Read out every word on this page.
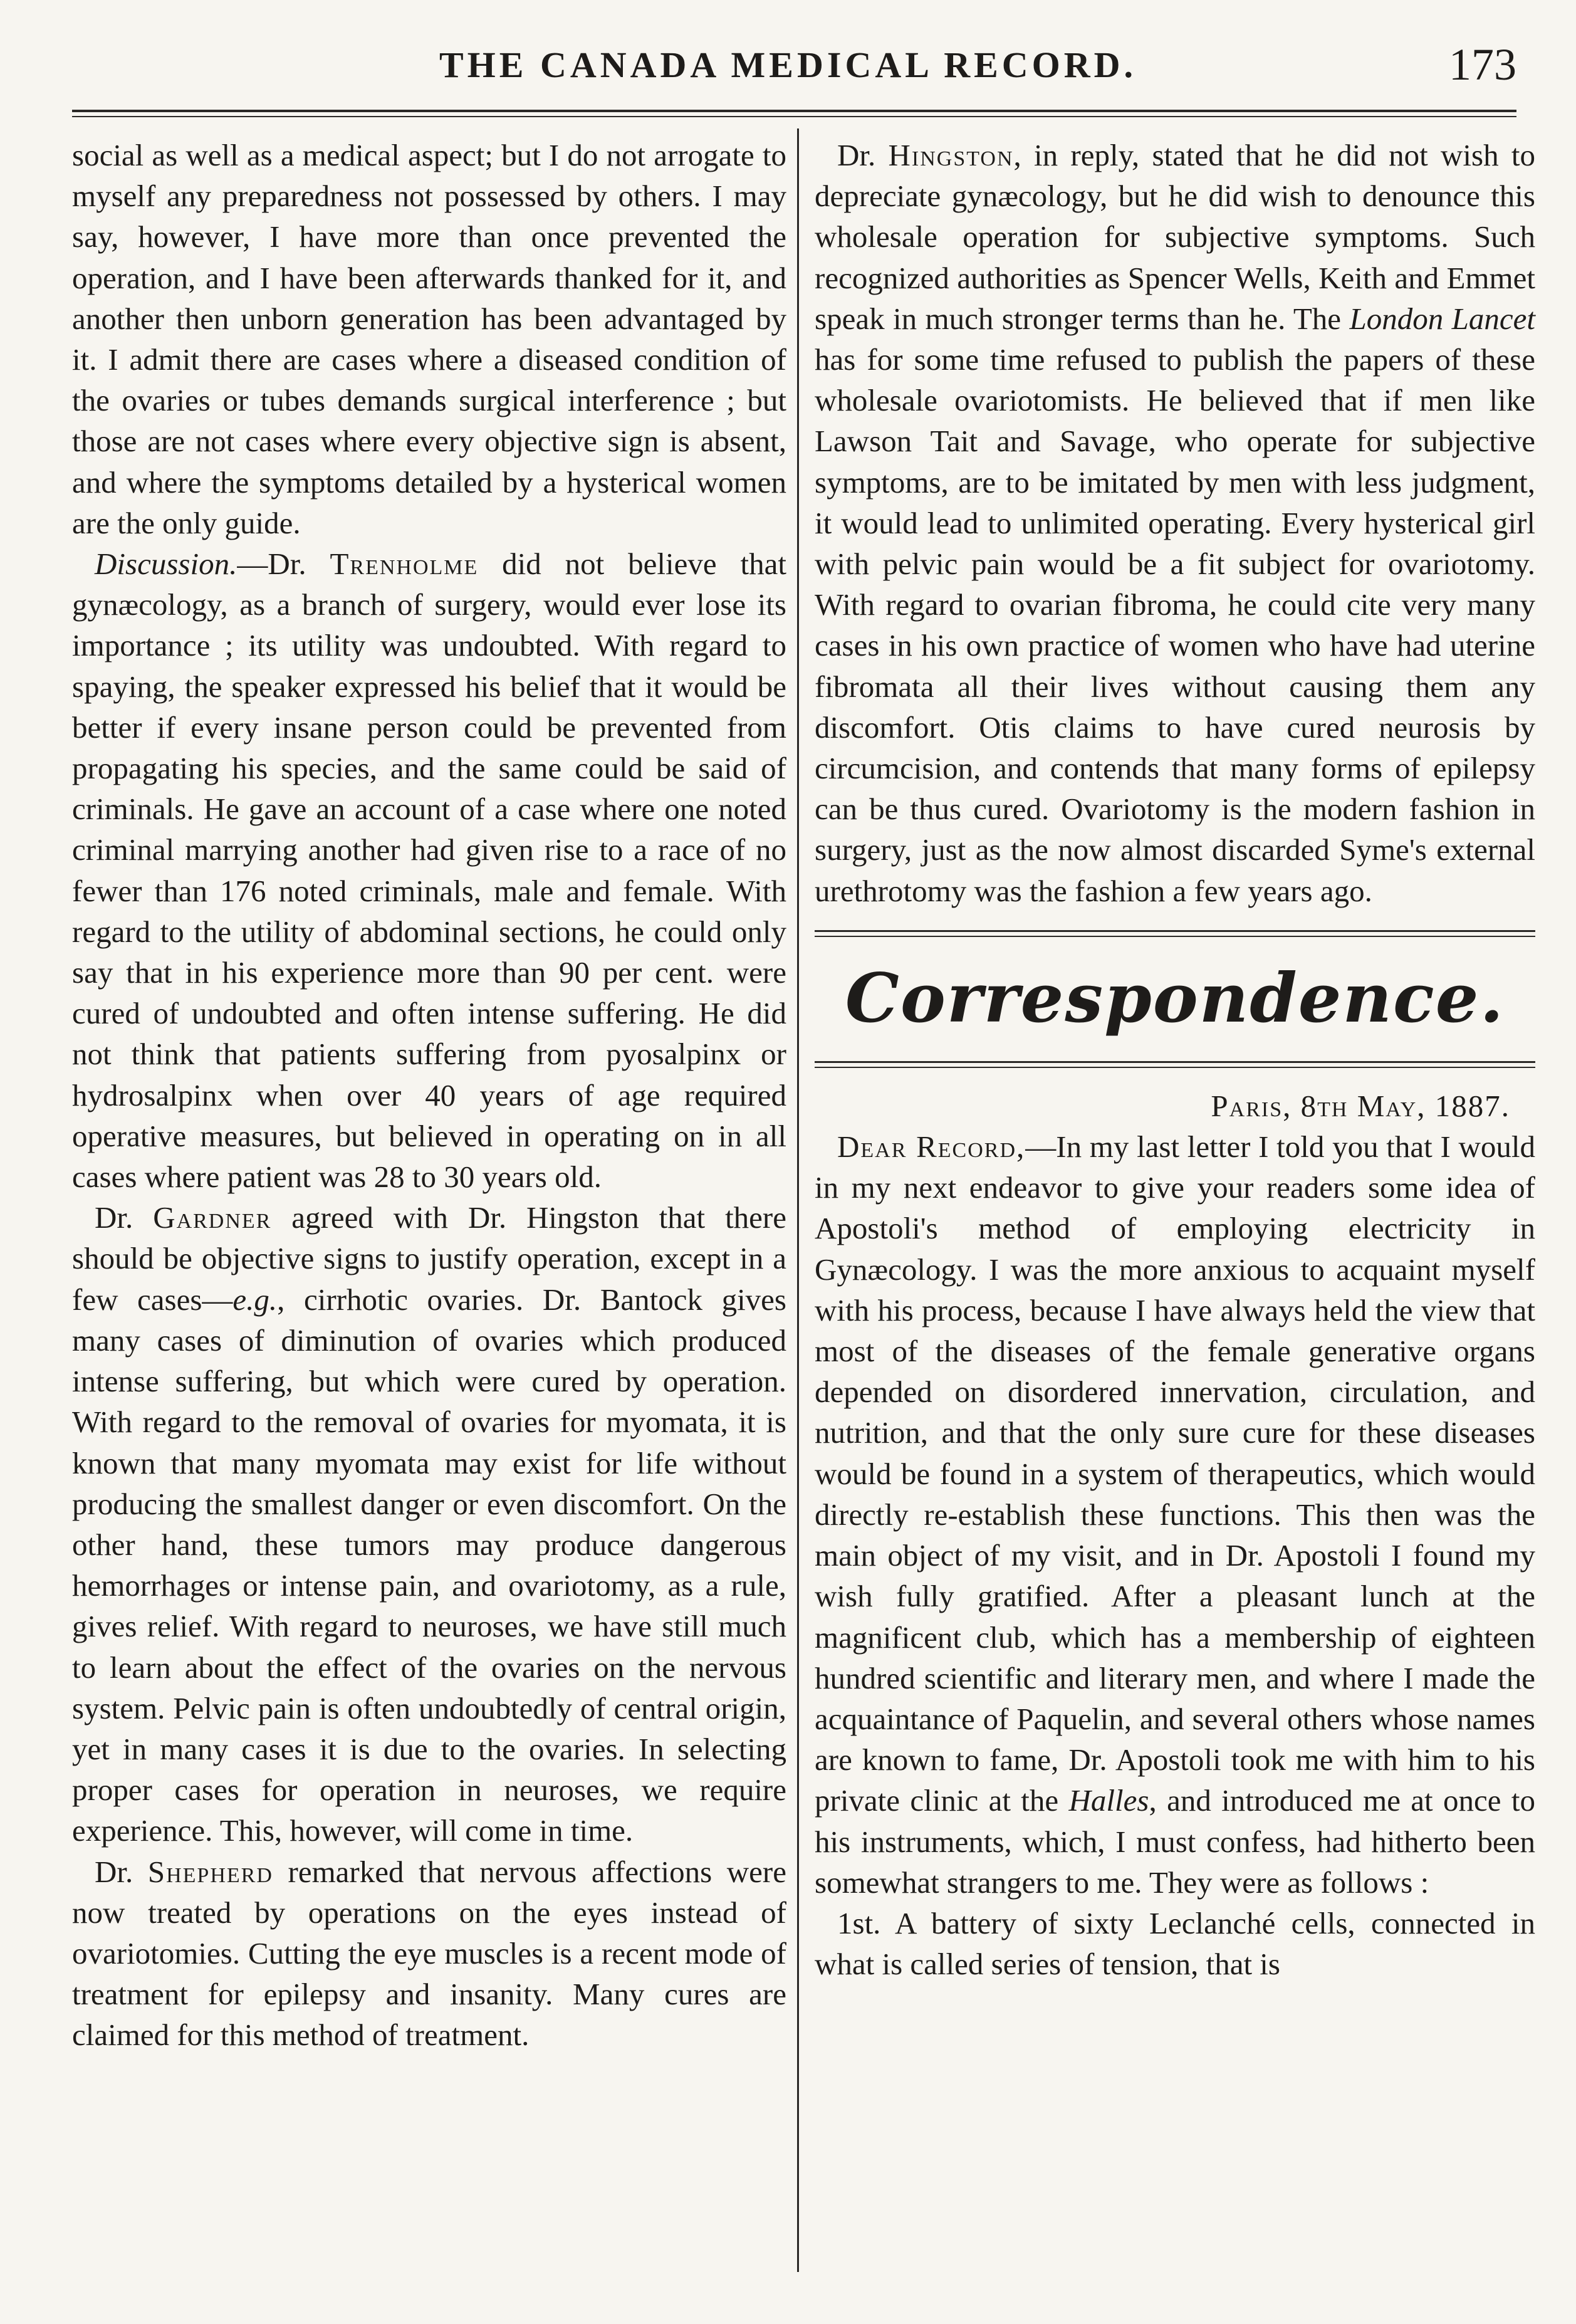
THE CANADA MEDICAL RECORD.	173

social as well as a medical aspect; but I do not arrogate to myself any preparedness not possessed by others. I may say, however, I have more than once prevented the operation, and I have been afterwards thanked for it, and another then unborn generation has been advantaged by it. I admit there are cases where a diseased condition of the ovaries or tubes demands surgical interference ; but those are not cases where every objective sign is absent, and where the symptoms detailed by a hysterical women are the only guide.

Discussion.—Dr. Trenholme did not believe that gynæcology, as a branch of surgery, would ever lose its importance ; its utility was undoubted. With regard to spaying, the speaker expressed his belief that it would be better if every insane person could be prevented from propagating his species, and the same could be said of criminals. He gave an account of a case where one noted criminal marrying another had given rise to a race of no fewer than 176 noted criminals, male and female. With regard to the utility of abdominal sections, he could only say that in his experience more than 90 per cent. were cured of undoubted and often intense suffering. He did not think that patients suffering from pyosalpinx or hydrosalpinx when over 40 years of age required operative measures, but believed in operating on in all cases where patient was 28 to 30 years old.

Dr. Gardner agreed with Dr. Hingston that there should be objective signs to justify operation, except in a few cases—e.g., cirrhotic ovaries. Dr. Bantock gives many cases of diminution of ovaries which produced intense suffering, but which were cured by operation. With regard to the removal of ovaries for myomata, it is known that many myomata may exist for life without producing the smallest danger or even discomfort. On the other hand, these tumors may produce dangerous hemorrhages or intense pain, and ovariotomy, as a rule, gives relief. With regard to neuroses, we have still much to learn about the effect of the ovaries on the nervous system. Pelvic pain is often undoubtedly of central origin, yet in many cases it is due to the ovaries. In selecting proper cases for operation in neuroses, we require experience. This, however, will come in time.

Dr. Shepherd remarked that nervous affections were now treated by operations on the eyes instead of ovariotomies. Cutting the eye muscles is a recent mode of treatment for epilepsy and insanity. Many cures are claimed for this method of treatment.

Dr. Hingston, in reply, stated that he did not wish to depreciate gynæcology, but he did wish to denounce this wholesale operation for subjective symptoms. Such recognized authorities as Spencer Wells, Keith and Emmet speak in much stronger terms than he. The London Lancet has for some time refused to publish the papers of these wholesale ovariotomists. He believed that if men like Lawson Tait and Savage, who operate for subjective symptoms, are to be imitated by men with less judgment, it would lead to unlimited operating. Every hysterical girl with pelvic pain would be a fit subject for ovariotomy. With regard to ovarian fibroma, he could cite very many cases in his own practice of women who have had uterine fibromata all their lives without causing them any discomfort. Otis claims to have cured neurosis by circumcision, and contends that many forms of epilepsy can be thus cured. Ovariotomy is the modern fashion in surgery, just as the now almost discarded Syme's external urethrotomy was the fashion a few years ago.

Correspondence.

Paris, 8th May, 1887.

Dear Record,—In my last letter I told you that I would in my next endeavor to give your readers some idea of Apostoli's method of employing electricity in Gynæcology. I was the more anxious to acquaint myself with his process, because I have always held the view that most of the diseases of the female generative organs depended on disordered innervation, circulation, and nutrition, and that the only sure cure for these diseases would be found in a system of therapeutics, which would directly re-establish these functions. This then was the main object of my visit, and in Dr. Apostoli I found my wish fully gratified. After a pleasant lunch at the magnificent club, which has a membership of eighteen hundred scientific and literary men, and where I made the acquaintance of Paquelin, and several others whose names are known to fame, Dr. Apostoli took me with him to his private clinic at the Halles, and introduced me at once to his instruments, which, I must confess, had hitherto been somewhat strangers to me. They were as follows :

1st. A battery of sixty Leclanché cells, connected in what is called series of tension, that is
